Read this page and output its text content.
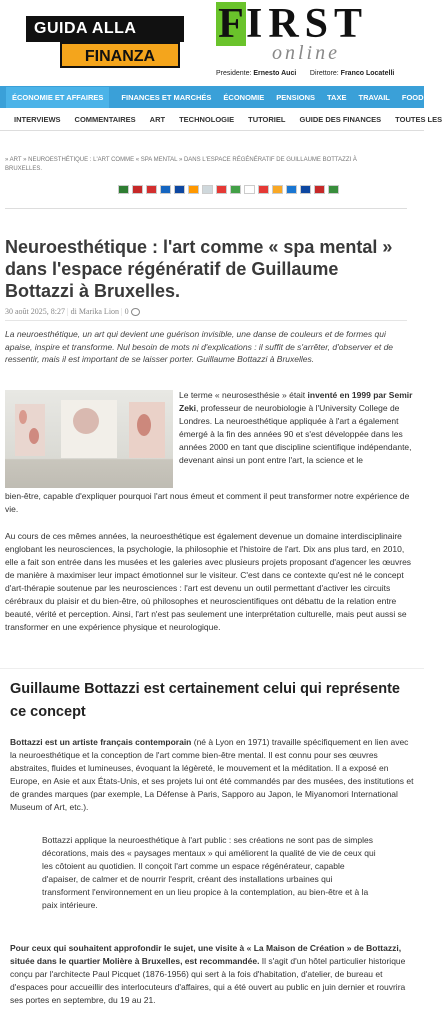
GUIDA ALLA
FINANZA
FIRST
online
Presidente: Ernesto Auci Direttore: Franco Locatelli
ÉCONOMIE ET AFFAIRES	FINANCES ET MARCHÉS ÉCONOMIE PENSIONS TAXE TRAVAIL FOOD
INTERVIEWS COMMENTAIRES ART TECHNOLOGIE TUTORIEL GUIDE DES FINANCES TOUTES LES
» ART » NEUROESTHÉTIQUE : L'ART COMME « SPA MENTAL » DANS L'ESPACE RÉGÉNÉRATIF DE GUILLAUME BOTTAZZI À BRUXELLES.
Neuroesthétique : l'art comme « spa mental » dans l'espace régénératif de Guillaume Bottazzi à Bruxelles.
30 août 2025, 8:27 | di Marika Lion | 0
La neuroesthétique, un art qui devient une guérison invisible, une danse de couleurs et de formes qui apaise, inspire et transforme. Nul besoin de mots ni d'explications : il suffit de s'arrêter, d'observer et de ressentir, mais il est important de se laisser porter. Guillaume Bottazzi à Bruxelles.
Le terme « neurosesthésie » était inventé en 1999 par Semir Zeki, professeur de neurobiologie à l'University College de Londres. La neuroesthétique appliquée à l'art a également émergé à la fin des années 90 et s'est développée dans les années 2000 en tant que discipline scientifique indépendante, devenant ainsi un pont entre l'art, la science et le
bien-être, capable d'expliquer pourquoi l'art nous émeut et comment il peut transformer notre expérience de vie.
Au cours de ces mêmes années, la neuroesthétique est également devenue un domaine interdisciplinaire englobant les neurosciences, la psychologie, la philosophie et l'histoire de l'art. Dix ans plus tard, en 2010, elle a fait son entrée dans les musées et les galeries avec plusieurs projets proposant d'agencer les œuvres de manière à maximiser leur impact émotionnel sur le visiteur. C'est dans ce contexte qu'est né le concept d'art-thérapie soutenue par les neurosciences : l'art est devenu un outil permettant d'activer les circuits cérébraux du plaisir et du bien-être, où philosophes et neuroscientifiques ont débattu de la relation entre beauté, vérité et perception. Ainsi, l'art n'est pas seulement une interprétation culturelle, mais peut aussi se transformer en une expérience physique et neurologique.
Guillaume Bottazzi est certainement celui qui représente ce concept
Bottazzi est un artiste français contemporain (né à Lyon en 1971) travaille spécifiquement en lien avec la neuroesthétique et la conception de l'art comme bien-être mental. Il est connu pour ses œuvres abstraites, fluides et lumineuses, évoquant la légèreté, le mouvement et la méditation. Il a exposé en Europe, en Asie et aux États-Unis, et ses projets lui ont été commandés par des musées, des institutions et de grandes marques (par exemple, La Défense à Paris, Sapporo au Japon, le Miyanomori International Museum of Art, etc.).
Bottazzi applique la neuroesthétique à l'art public : ses créations ne sont pas de simples décorations, mais des « paysages mentaux » qui améliorent la qualité de vie de ceux qui les côtoient au quotidien. Il conçoit l'art comme un espace régénérateur, capable d'apaiser, de calmer et de nourrir l'esprit, créant des installations urbaines qui transforment l'environnement en un lieu propice à la contemplation, au bien-être et à la paix intérieure.
Pour ceux qui souhaitent approfondir le sujet, une visite à « La Maison de Création » de Bottazzi, située dans le quartier Molière à Bruxelles, est recommandée. Il s'agit d'un hôtel particulier historique conçu par l'architecte Paul Picquet (1876-1956) qui sert à la fois d'habitation, d'atelier, de bureau et d'espaces pour accueillir des interlocuteurs d'affaires, qui a été ouvert au public en juin dernier et rouvrira ses portes en septembre, du 19 au 21.
